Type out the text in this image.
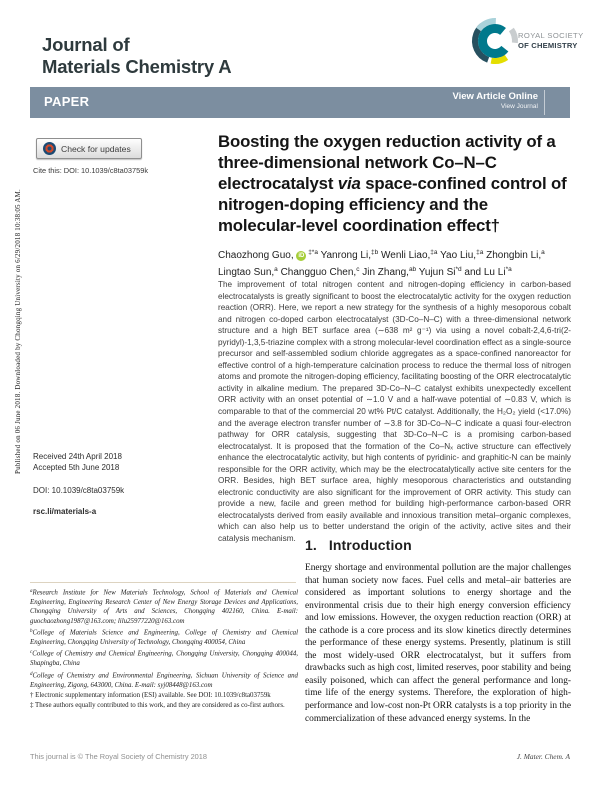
Published on 06 June 2018. Downloaded by Chongqing University on 6/29/2018 10:38:05 AM.
Journal of
Materials Chemistry A
ROYAL SOCIETY
OF CHEMISTRY
PAPER	View Article Online
View Journal
Check for updates
Cite this: DOI: 10.1039/c8ta03759k
Boosting the oxygen reduction activity of a three-dimensional network Co–N–C electrocatalyst via space-confined control of nitrogen-doping efficiency and the molecular-level coordination effect†
Chaozhong Guo, iD $^{\ddagger*a}$ Yanrong Li,$^{\ddagger b}$ Wenli Liao,$^{\ddagger a}$ Yao Liu,$^{\ddagger a}$ Zhongbin Li,$^a$ Lingtao Sun,$^a$ Changguo Chen,$^c$ Jin Zhang,$^{ab}$ Yujun Si$^{*d}$ and Lu Li$^{*a}$
The improvement of total nitrogen content and nitrogen-doping efficiency in carbon-based electrocatalysts is greatly significant to boost the electrocatalytic activity for the oxygen reduction reaction (ORR). Here, we report a new strategy for the synthesis of a highly mesoporous cobalt and nitrogen co-doped carbon electrocatalyst (3D-Co–N–C) with a three-dimensional network structure and a high BET surface area (∼638 m² g⁻¹) via using a novel cobalt-2,4,6-tri(2-pyridyl)-1,3,5-triazine complex with a strong molecular-level coordination effect as a single-source precursor and self-assembled sodium chloride aggregates as a space-confined nanoreactor for effective control of a high-temperature calcination process to reduce the thermal loss of nitrogen atoms and promote the nitrogen-doping efficiency, facilitating boosting of the ORR electrocatalytic activity in alkaline medium. The prepared 3D-Co–N–C catalyst exhibits unexpectedly excellent ORR activity with an onset potential of ∼1.0 V and a half-wave potential of ∼0.83 V, which is comparable to that of the commercial 20 wt% Pt/C catalyst. Additionally, the H₂O₂ yield (<17.0%) and the average electron transfer number of ∼3.8 for 3D-Co–N–C indicate a quasi four-electron pathway for ORR catalysis, suggesting that 3D-Co–N–C is a promising carbon-based electrocatalyst. It is proposed that the formation of the Co–Nₓ active structure can effectively enhance the electrocatalytic activity, but high contents of pyridinic- and graphitic-N can be mainly responsible for the ORR activity, which may be the electrocatalytically active site centers for the ORR. Besides, high BET surface area, highly mesoporous characteristics and outstanding electronic conductivity are also significant for the improvement of ORR activity. This study can provide a new, facile and green method for building high-performance carbon-based ORR electrocatalysts derived from easily available and innoxious transition metal–organic complexes, which can also help us to better understand the origin of the activity, active sites and their catalysis mechanism.
Received 24th April 2018
Accepted 5th June 2018
DOI: 10.1039/c8ta03759k
rsc.li/materials-a

$^a$Research Institute for New Materials Technology, School of Materials and Chemical Engineering, Engineering Research Center of New Energy Storage Devices and Applications, Chongqing University of Arts and Sciences, Chongqing 402160, China. E-mail: guochaozhong1987@163.com; lilu25977220@163.com

$^b$College of Materials Science and Engineering, College of Chemistry and Chemical Engineering, Chongqing University of Technology, Chongqing 400054, China

$^c$College of Chemistry and Chemical Engineering, Chongqing University, Chongqing 400044, Shapingba, China

$^d$College of Chemistry and Environmental Engineering, Sichuan University of Science and Engineering, Zigong, 643000, China. E-mail: syj08448@163.com

† Electronic supplementary information (ESI) available. See DOI: 10.1039/c8ta03759k

‡ These authors equally contributed to this work, and they are considered as co-first authors.

1. Introduction
Energy shortage and environmental pollution are the major challenges that human society now faces. Fuel cells and metal–air batteries are considered as important solutions to energy shortage and the environmental crisis due to their high energy conversion efficiency and low emissions. However, the oxygen reduction reaction (ORR) at the cathode is a core process and its slow kinetics directly determines the performance of these energy systems. Presently, platinum is still the most widely-used ORR electrocatalyst, but it suffers from drawbacks such as high cost, limited reserves, poor stability and being easily poisoned, which can affect the general performance and long-time life of the energy systems. Therefore, the exploration of high-performance and low-cost non-Pt ORR catalysts is a top priority in the commercialization of these advanced energy systems. In the
This journal is © The Royal Society of Chemistry 2018	J. Mater. Chem. A
